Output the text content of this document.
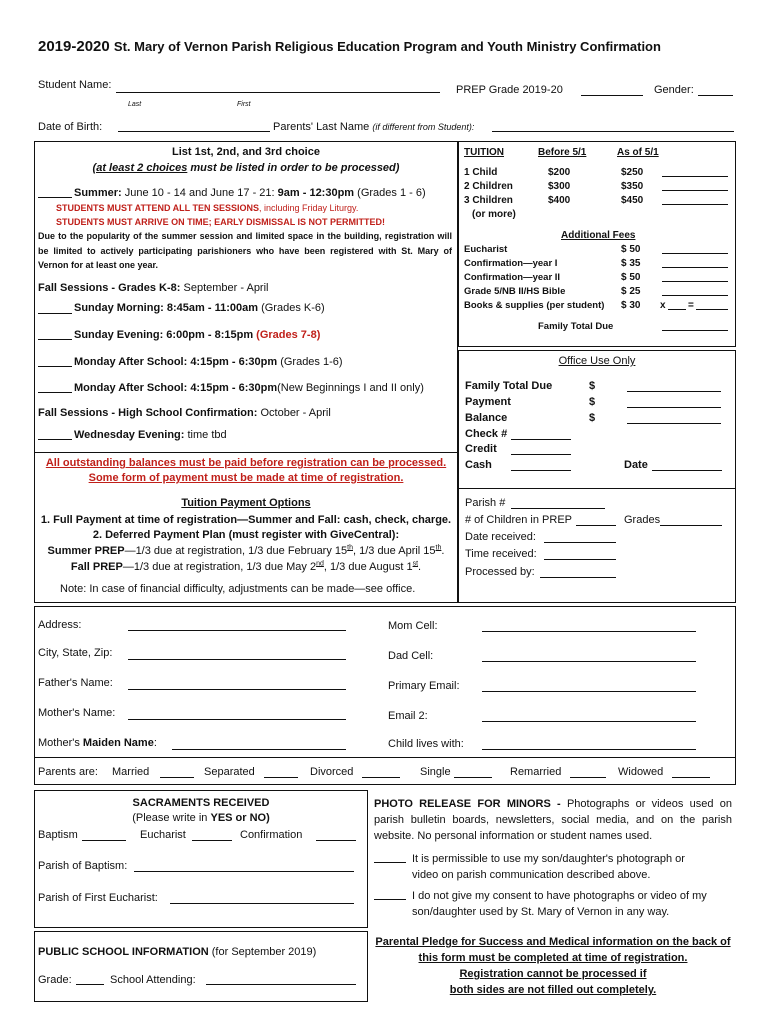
2019-2020 St. Mary of Vernon Parish Religious Education Program and Youth Ministry Confirmation
Student Name:
Last	First
PREP Grade 2019-20	Gender:
Date of Birth:	Parents' Last Name (if different from Student):
List 1st, 2nd, and 3rd choice
(at least 2 choices must be listed in order to be processed)
Summer: June 10 - 14 and June 17 - 21: 9am - 12:30pm (Grades 1 - 6)
STUDENTS MUST ATTEND ALL TEN SESSIONS, including Friday Liturgy.
STUDENTS MUST ARRIVE ON TIME; EARLY DISMISSAL IS NOT PERMITTED!
Due to the popularity of the summer session and limited space in the building, registration will be limited to actively participating parishioners who have been registered with St. Mary of Vernon for at least one year.
Fall Sessions - Grades K-8: September - April
Sunday Morning: 8:45am - 11:00am (Grades K-6)
Sunday Evening: 6:00pm - 8:15pm (Grades 7-8)
Monday After School: 4:15pm - 6:30pm (Grades 1-6)
Monday After School: 4:15pm - 6:30pm(New Beginnings I and II only)
Fall Sessions - High School Confirmation: October - April
Wednesday Evening: time tbd
All outstanding balances must be paid before registration can be processed.
Some form of payment must be made at time of registration.
Tuition Payment Options
1. Full Payment at time of registration—Summer and Fall: cash, check, charge.
2. Deferred Payment Plan (must register with GiveCentral):
Summer PREP—1/3 due at registration, 1/3 due February 15th, 1/3 due April 15th.
Fall PREP—1/3 due at registration, 1/3 due May 2nd, 1/3 due August 1st.
Note: In case of financial difficulty, adjustments can be made—see office.
TUITION	Before 5/1	As of 5/1
1 Child	$200	$250
2 Children	$300	$350
3 Children	$400	$450
(or more)
Additional Fees
Eucharist	$ 50
Confirmation—year I	$ 35
Confirmation—year II	$ 50
Grade 5/NB II/HS Bible	$ 25
Books & supplies (per student) $ 30 x =
Family Total Due
Office Use Only
Family Total Due	$
Payment	$
Balance	$
Check #
Credit
Cash	Date
Parish #
# of Children in PREP	Grades
Date received:
Time received:
Processed by:
Address:
City, State, Zip:
Father's Name:
Mother's Name:
Mother's Maiden Name:
Mom Cell:
Dad Cell:
Primary Email:
Email 2:
Child lives with:
Parents are: Married	Separated	Divorced	Single	Remarried	Widowed
SACRAMENTS RECEIVED
(Please write in YES or NO)
Baptism	Eucharist	Confirmation
Parish of Baptism:
Parish of First Eucharist:
PHOTO RELEASE FOR MINORS - Photographs or videos used on parish bulletin boards, newsletters, social media, and on the parish website. No personal information or student names used.
It is permissible to use my son/daughter's photograph or video on parish communication described above.
I do not give my consent to have photographs or video of my son/daughter used by St. Mary of Vernon in any way.
PUBLIC SCHOOL INFORMATION (for September 2019)
Grade:	School Attending:
Parental Pledge for Success and Medical information on the back of
this form must be completed at time of registration.
Registration cannot be processed if
both sides are not filled out completely.
